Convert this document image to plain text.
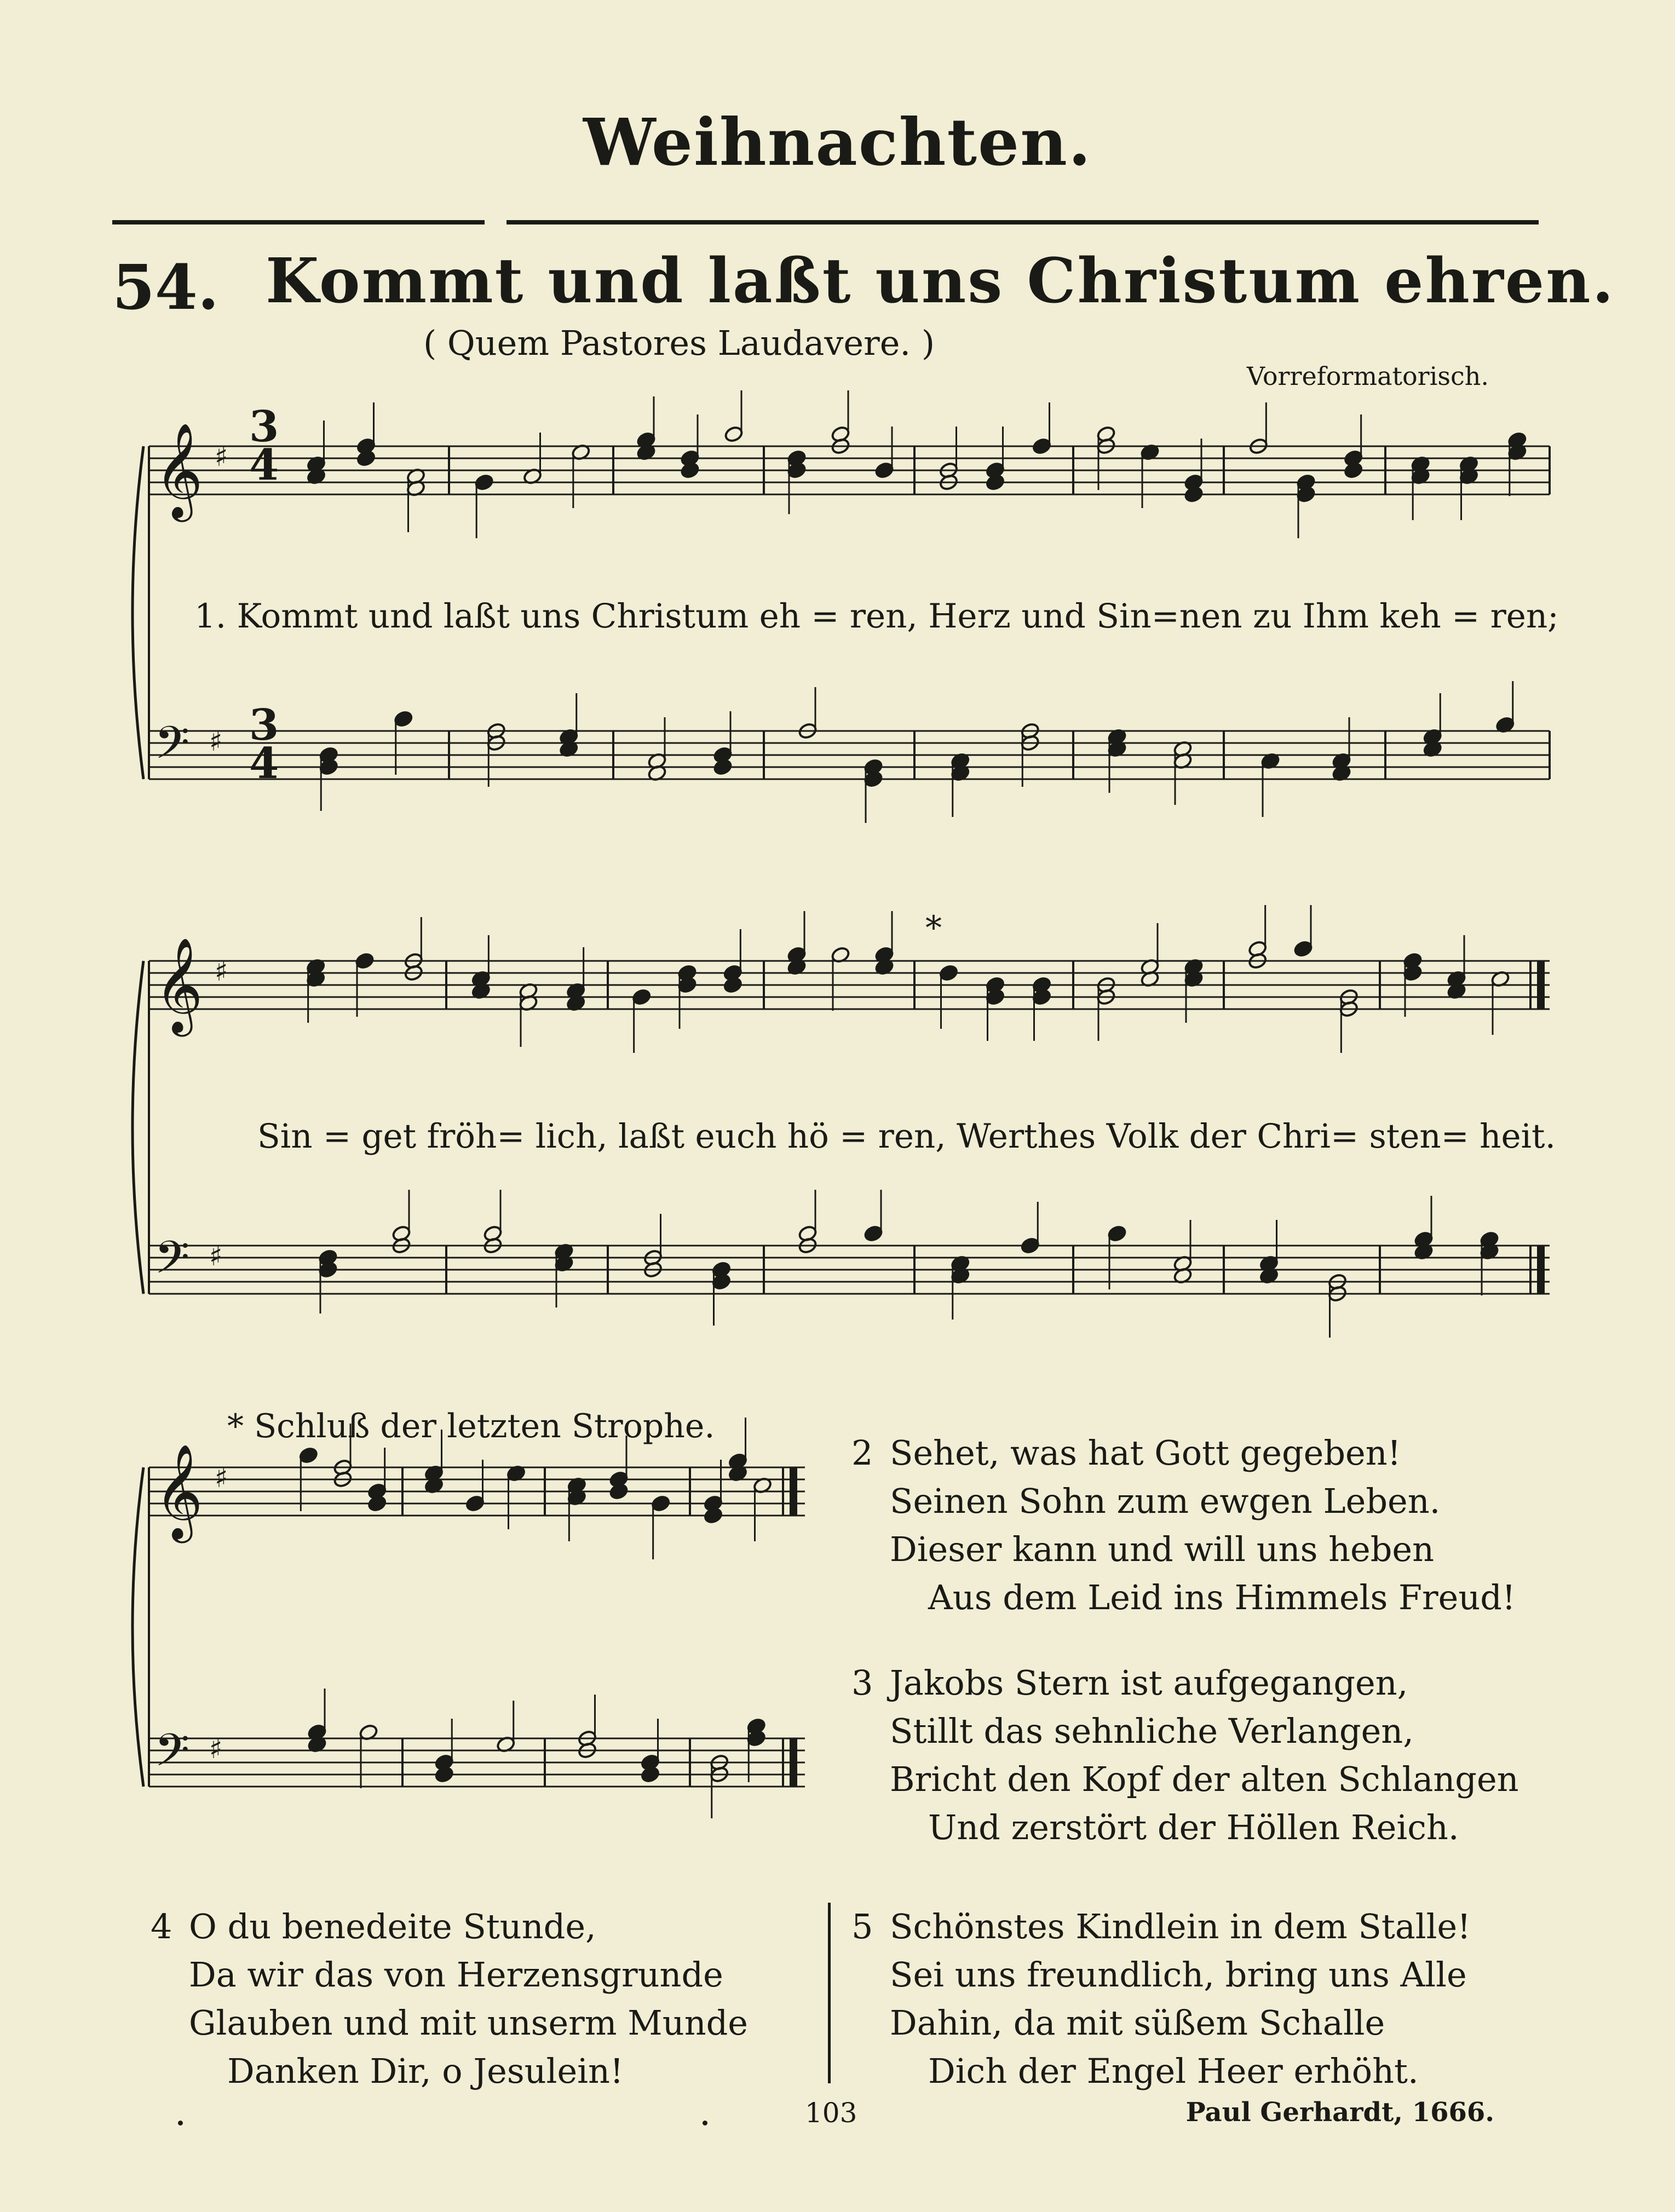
Weihnachten.
54. Kommt und laßt uns Christum ehren.
( Quem Pastores Laudavere. )
Vorreformatorisch.
𝄞
𝄢
♯
♯
𝄞
𝄢
♯
♯
𝄞
𝄢
♯
♯
3
4
3
4
*
1. Kommt und laßt uns Christum eh = ren, Herz und Sin=nen zu Ihm keh = ren;
Sin = get fröh= lich, laßt euch hö = ren, Werthes Volk der Chri= sten= heit.
* Schluß der letzten Strophe.
2 Sehet, was hat Gott gegeben!
Seinen Sohn zum ewgen Leben.
Dieser kann und will uns heben
Aus dem Leid ins Himmels Freud!
3 Jakobs Stern ist aufgegangen,
Stillt das sehnliche Verlangen,
Bricht den Kopf der alten Schlangen
Und zerstört der Höllen Reich.
4 O du benedeite Stunde,
Da wir das von Herzensgrunde
Glauben und mit unserm Munde
Danken Dir, o Jesulein!
5 Schönstes Kindlein in dem Stalle!
Sei uns freundlich, bring uns Alle
Dahin, da mit süßem Schalle
Dich der Engel Heer erhöht.
103	Paul Gerhardt, 1666.
